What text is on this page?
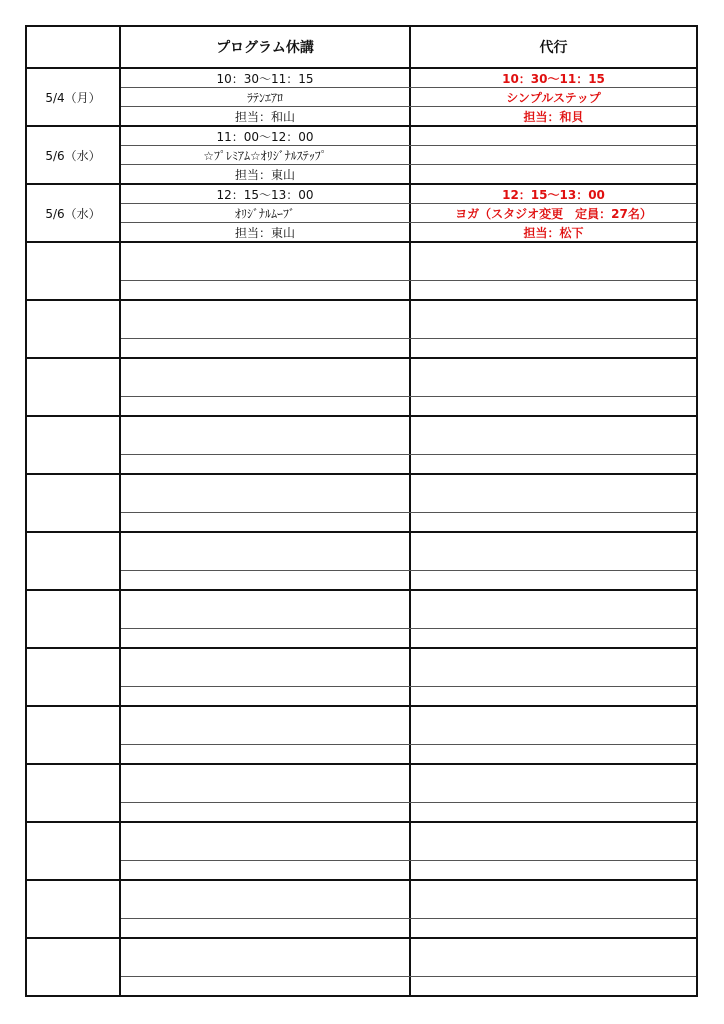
プログラム休講	代行
5/4（月）
10：30～11：15
ﾗﾃﾝｴｱﾛ
担当：和山
10：30～11：15
シンプルステップ
担当：和貝
5/6（水）
11：00～12：00
☆ﾌﾟﾚﾐｱﾑ☆ｵﾘｼﾞﾅﾙｽﾃｯﾌﾟ
担当：東山
5/6（水）
12：15～13：00
ｵﾘｼﾞﾅﾙﾑｰﾌﾞ
担当：東山
12：15～13：00
ヨガ（スタジオ変更　定員：27名）
担当：松下
